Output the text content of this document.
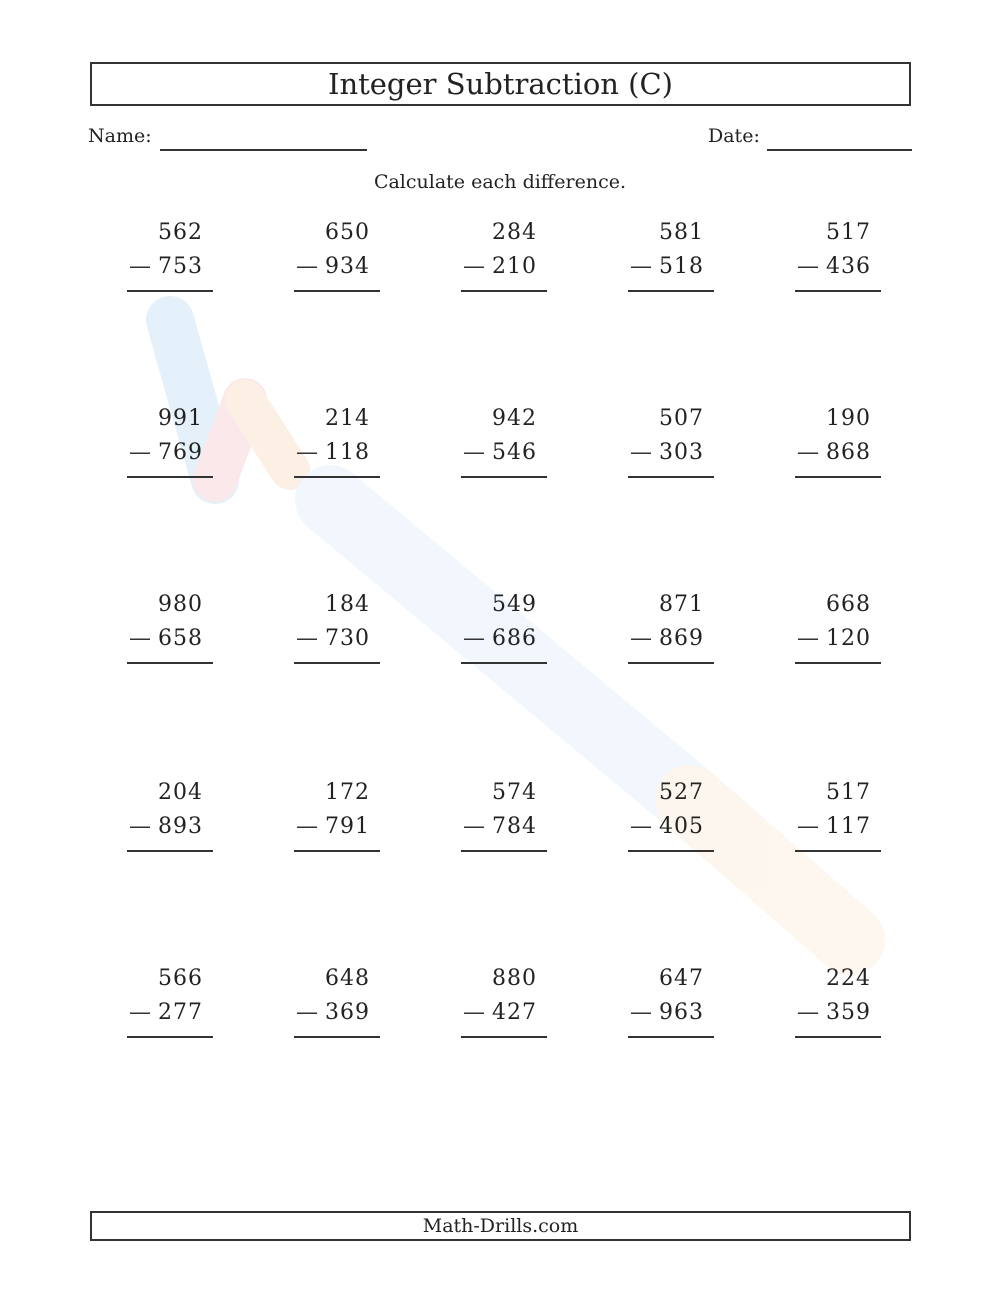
Integer Subtraction (C)
Name:	Date:
Calculate each difference.
562
— 753
650
— 934
284
— 210
581
— 518
517
— 436
991
— 769
214
— 118
942
— 546
507
— 303
190
— 868
980
— 658
184
— 730
549
— 686
871
— 869
668
— 120
204
— 893
172
— 791
574
— 784
527
— 405
517
— 117
566
— 277
648
— 369
880
— 427
647
— 963
224
— 359
Math-Drills.com
